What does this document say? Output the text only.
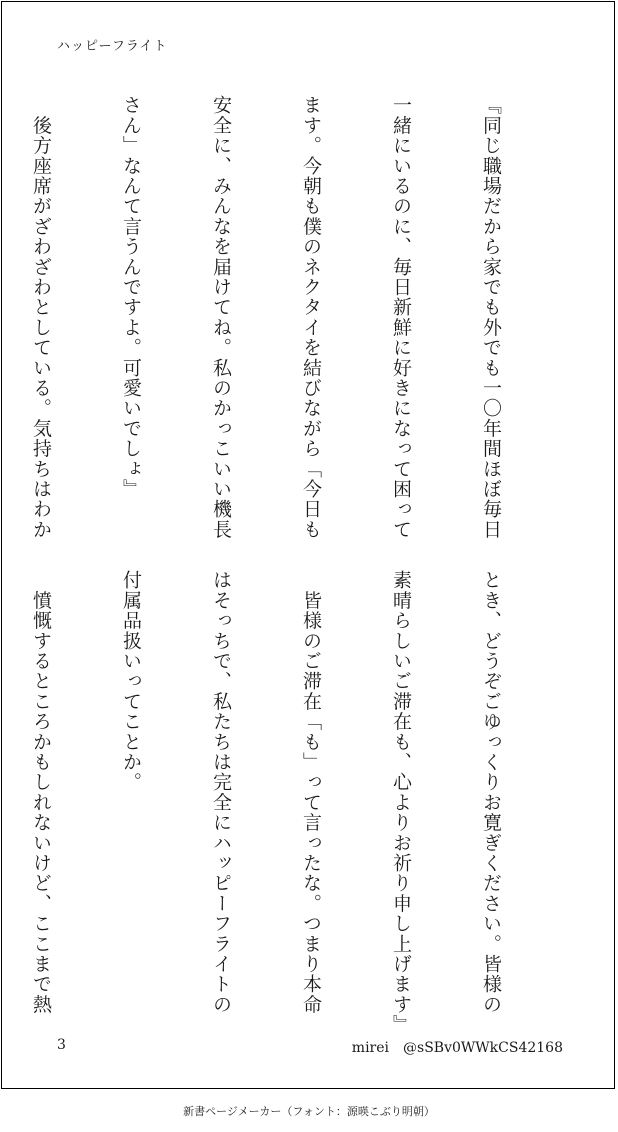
ハッピーフライト

『同じ職場だから家でも外でも一〇年間ほぼ毎日

一緒にいるのに、毎日新鮮に好きになって困って

ます。今朝も僕のネクタイを結びながら「今日も

安全に、みんなを届けてね。私のかっこいい機長

さん」なんて言うんですよ。可愛いでしょ』

　後方座席がざわざわとしている。気持ちはわか

とき、どうぞごゆっくりお寛ぎください。皆様の

素晴らしいご滞在も、心よりお祈り申し上げます』

　皆様のご滞在「も」って言ったな。つまり本命

はそっちで、私たちは完全にハッピーフライトの

付属品扱いってことか。

　憤慨するところかもしれないけど、ここまで熱

3	mirei　@sSBv0WWkCS42168
新書ページメーカー（フォント：源暎こぶり明朝）
